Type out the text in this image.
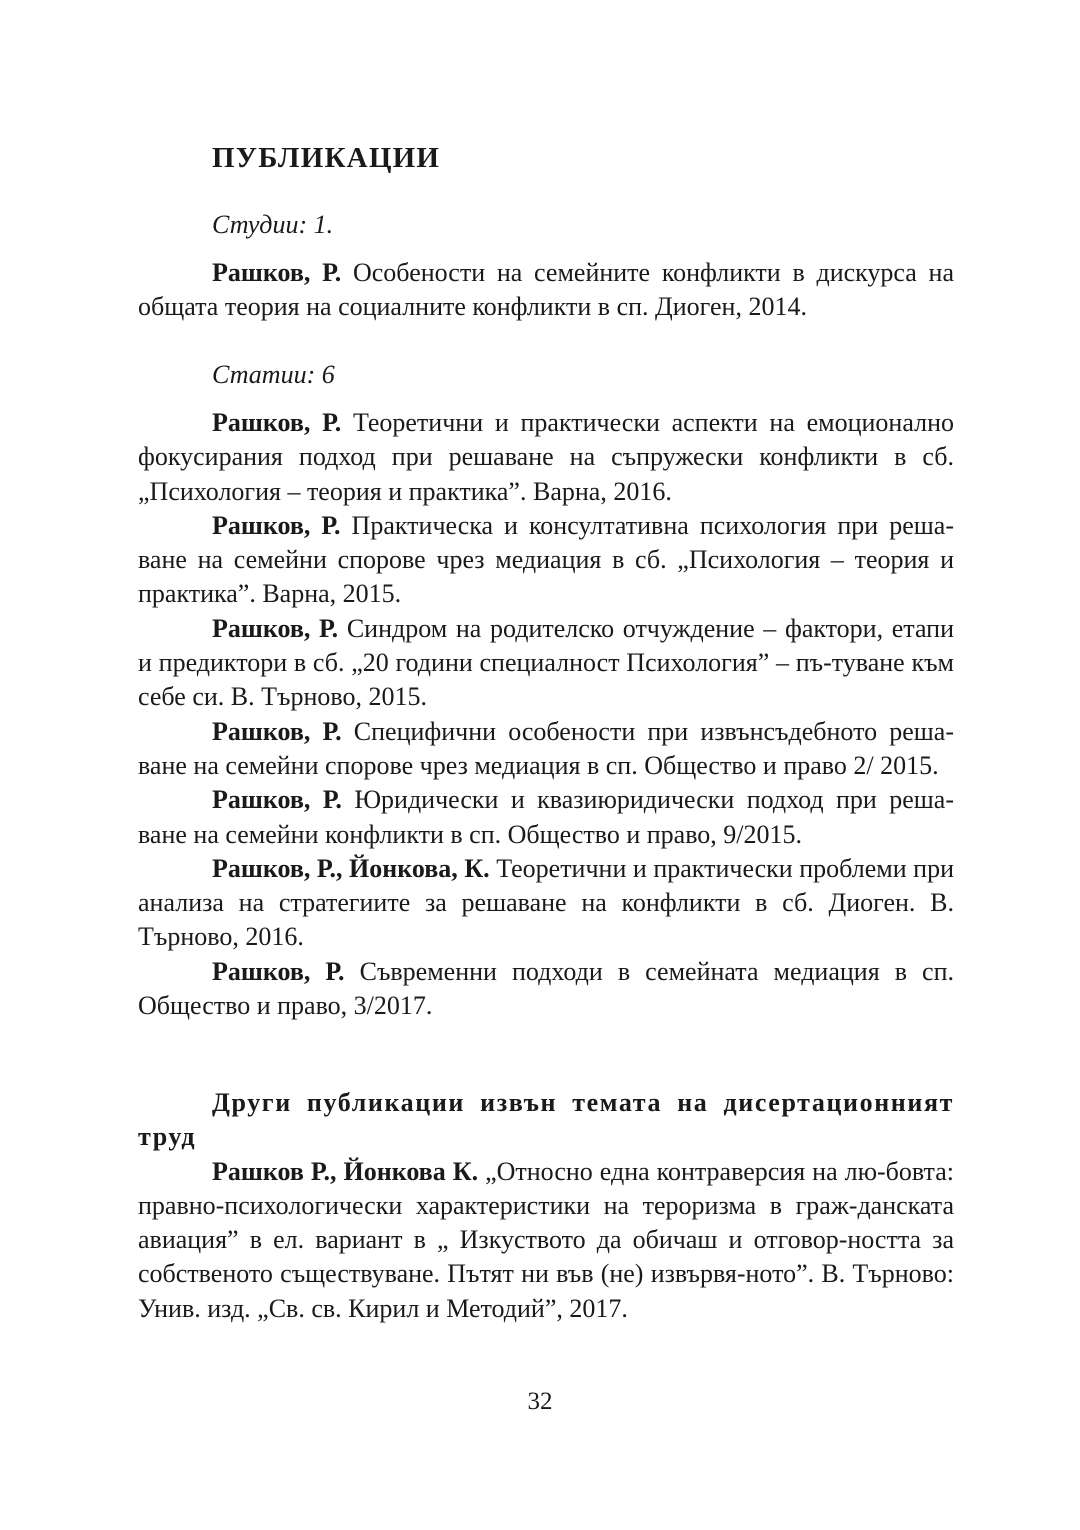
ПУБЛИКАЦИИ
Студии: 1.

Рашков, Р. Особености на семейните конфликти в дискурса на общата теория на социалните конфликти в сп. Диоген, 2014.

Статии: 6

Рашков, Р. Теоретични и практически аспекти на емоционално фокусирания подход при решаване на съпружески конфликти в сб. „Психология – теория и практика”. Варна, 2016.

Рашков, Р. Практическа и консултативна психология при реша-ване на семейни спорове чрез медиация в сб. „Психология – теория и практика”. Варна, 2015.

Рашков, Р. Синдром на родителско отчуждение – фактори, етапи и предиктори в сб. „20 години специалност Психология” – пъ-туване към себе си. В. Търново, 2015.

Рашков, Р. Специфични особености при извънсъдебното реша-ване на семейни спорове чрез медиация в сп. Общество и право 2/ 2015.

Рашков, Р. Юридически и квазиюридически подход при реша-ване на семейни конфликти в сп. Общество и право, 9/2015.

Рашков, Р., Йонкова, К. Теоретични и практически проблеми при анализа на стратегиите за решаване на конфликти в сб. Диоген. В. Търново, 2016.

Рашков, Р. Съвременни подходи в семейната медиация в сп. Общество и право, 3/2017.

Други публикации извън темата на дисертационният труд

Рашков Р., Йонкова К. „Относно една контраверсия на лю-бовта: правно-психологически характеристики на тероризма в граж-данската авиация” в ел. вариант в „ Изкуството да обичаш и отговор-ността за собственото съществуване. Пътят ни във (не) извървя-ното”. В. Търново: Унив. изд. „Св. св. Кирил и Методий”, 2017.

32
